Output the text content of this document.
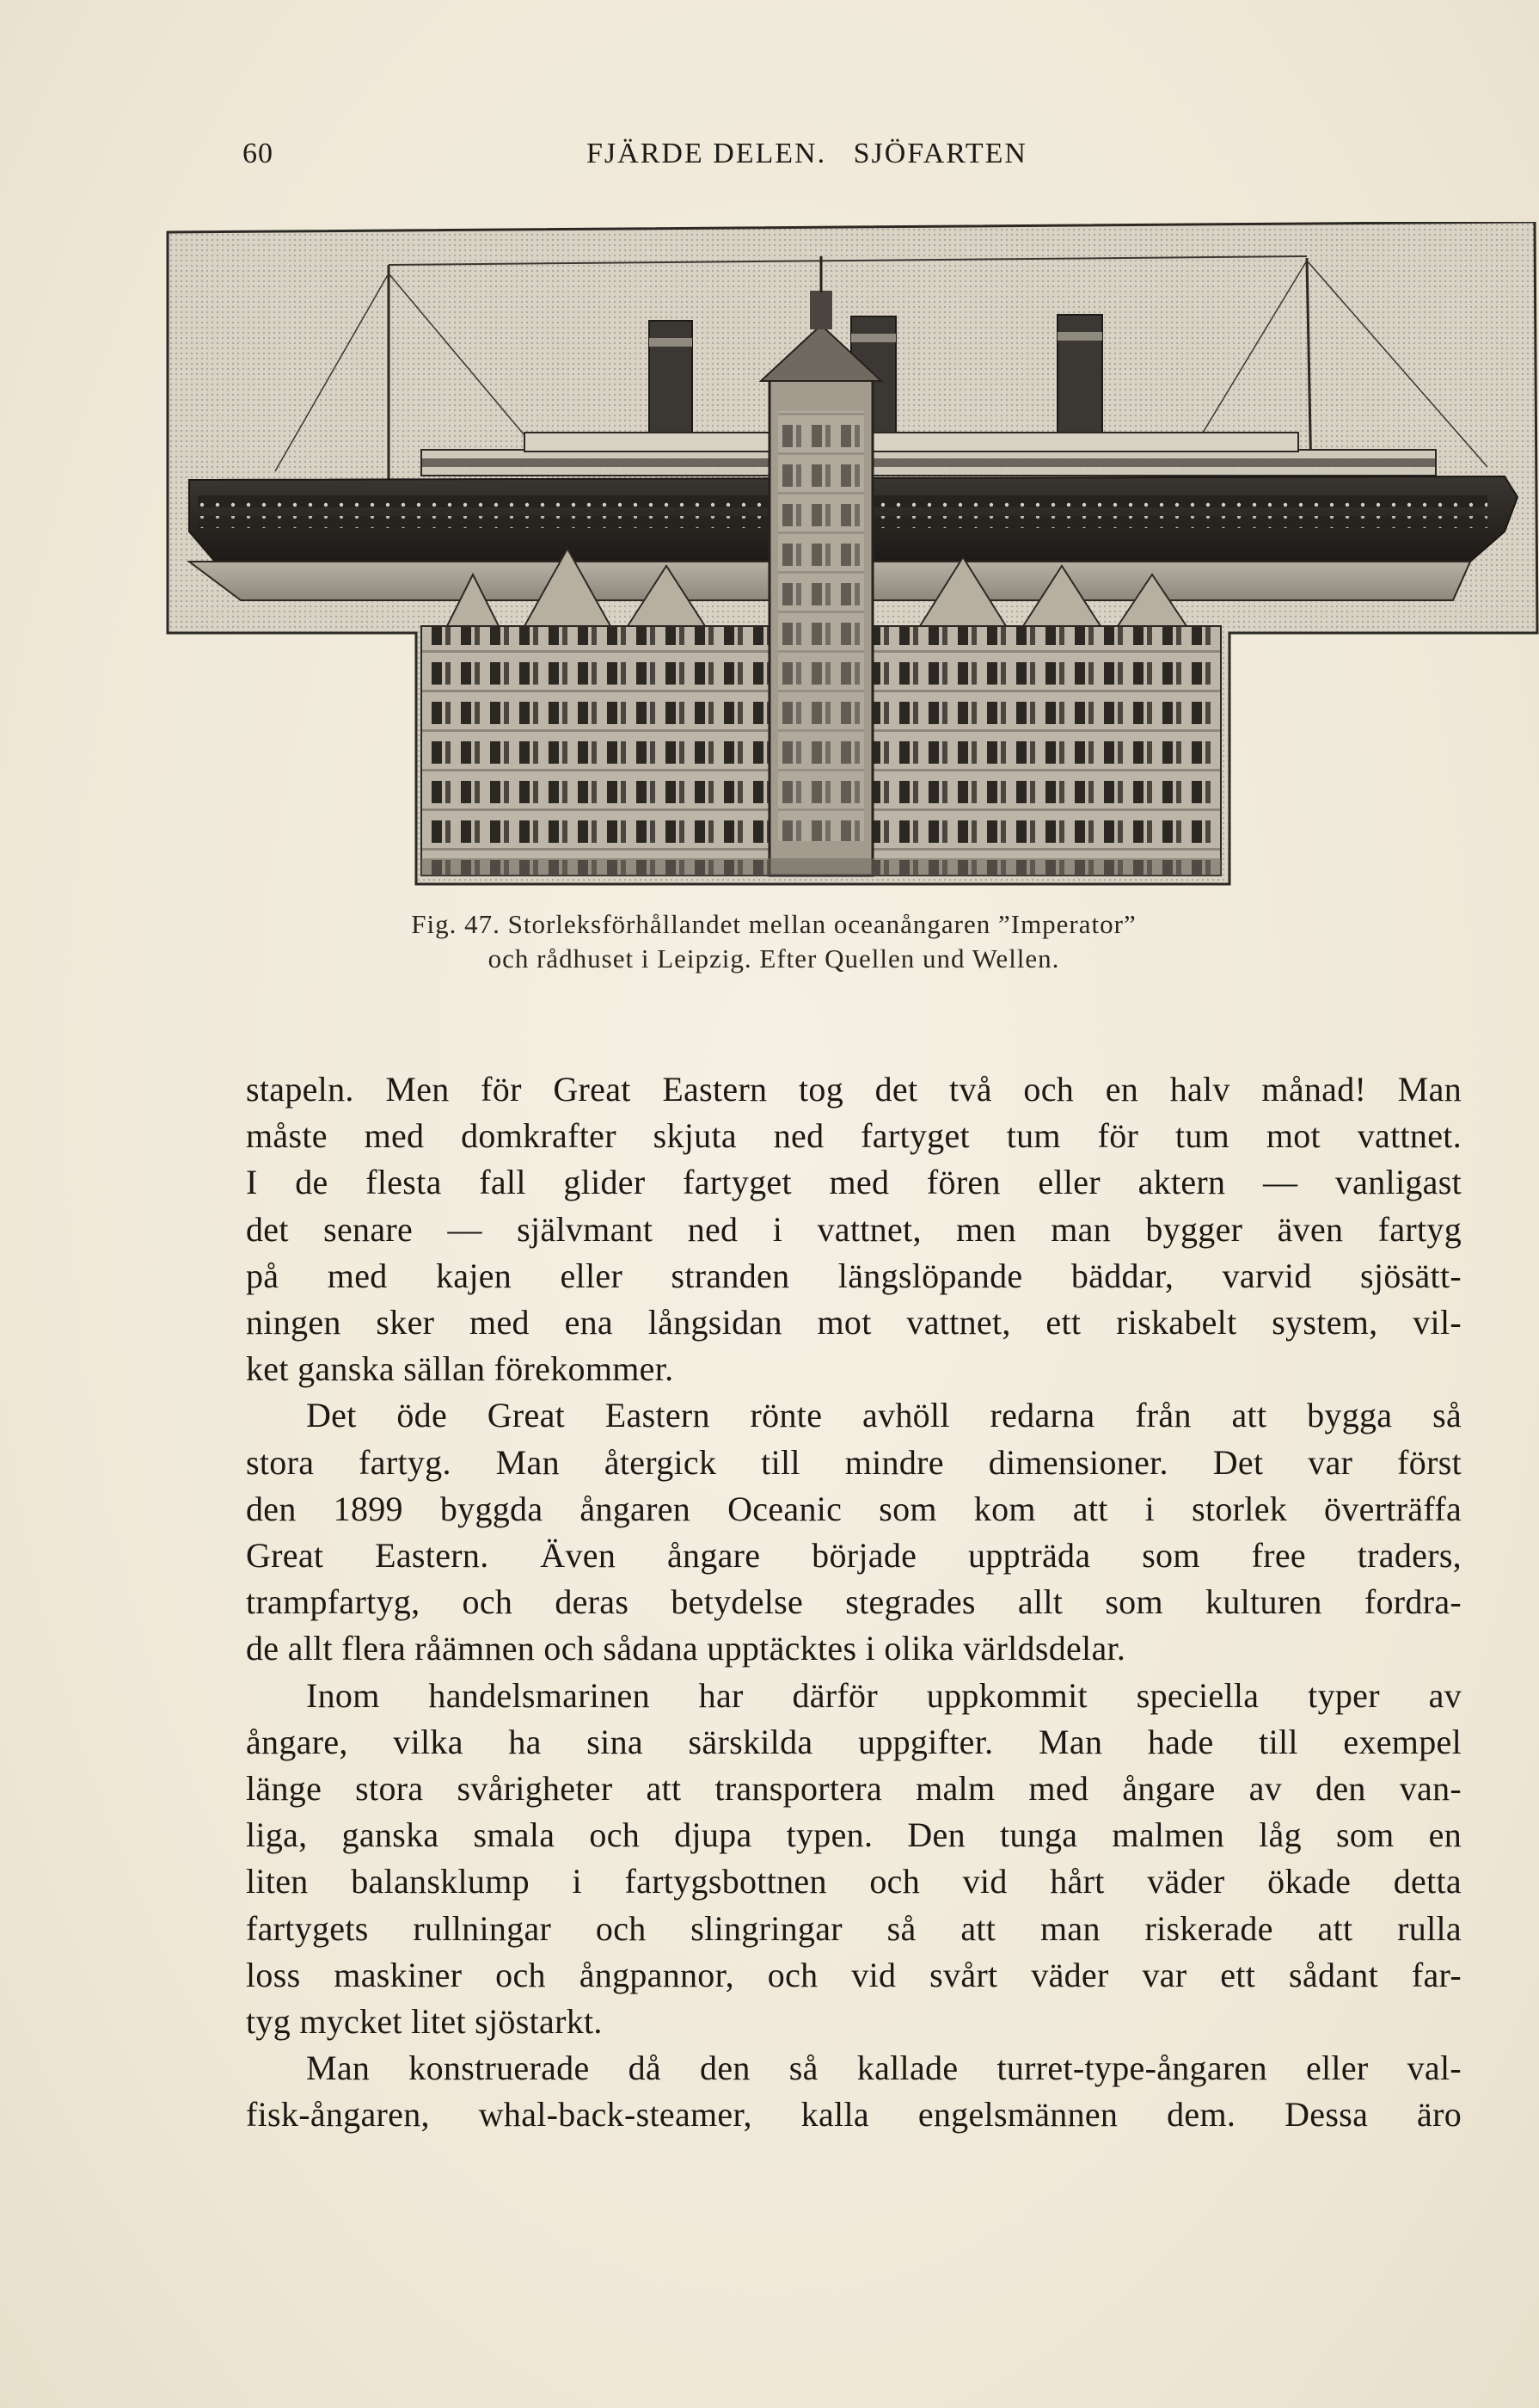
60	FJÄRDE DELEN.   SJÖFARTEN
Fig. 47. Storleksförhållandet mellan oceanångaren ”Imperator”
och rådhuset i Leipzig. Efter Quellen und Wellen.
stapeln. Men för Great Eastern tog det två och en halv månad! Man
måste med domkrafter skjuta ned fartyget tum för tum mot vattnet.
I de flesta fall glider fartyget med fören eller aktern — vanligast
det senare — självmant ned i vattnet, men man bygger även fartyg
på med kajen eller stranden längslöpande bäddar, varvid sjösätt-
ningen sker med ena långsidan mot vattnet, ett riskabelt system, vil-
ket ganska sällan förekommer.
Det öde Great Eastern rönte avhöll redarna från att bygga så
stora fartyg. Man återgick till mindre dimensioner. Det var först
den 1899 byggda ångaren Oceanic som kom att i storlek överträffa
Great Eastern. Även ångare började uppträda som free traders,
trampfartyg, och deras betydelse stegrades allt som kulturen fordra-
de allt flera råämnen och sådana upptäcktes i olika världsdelar.
Inom handelsmarinen har därför uppkommit speciella typer av
ångare, vilka ha sina särskilda uppgifter. Man hade till exempel
länge stora svårigheter att transportera malm med ångare av den van-
liga, ganska smala och djupa typen. Den tunga malmen låg som en
liten balansklump i fartygsbottnen och vid hårt väder ökade detta
fartygets rullningar och slingringar så att man riskerade att rulla
loss maskiner och ångpannor, och vid svårt väder var ett sådant far-
tyg mycket litet sjöstarkt.
Man konstruerade då den så kallade turret-type-ångaren eller val-
fisk-ångaren, whal-back-steamer, kalla engelsmännen dem. Dessa äro
